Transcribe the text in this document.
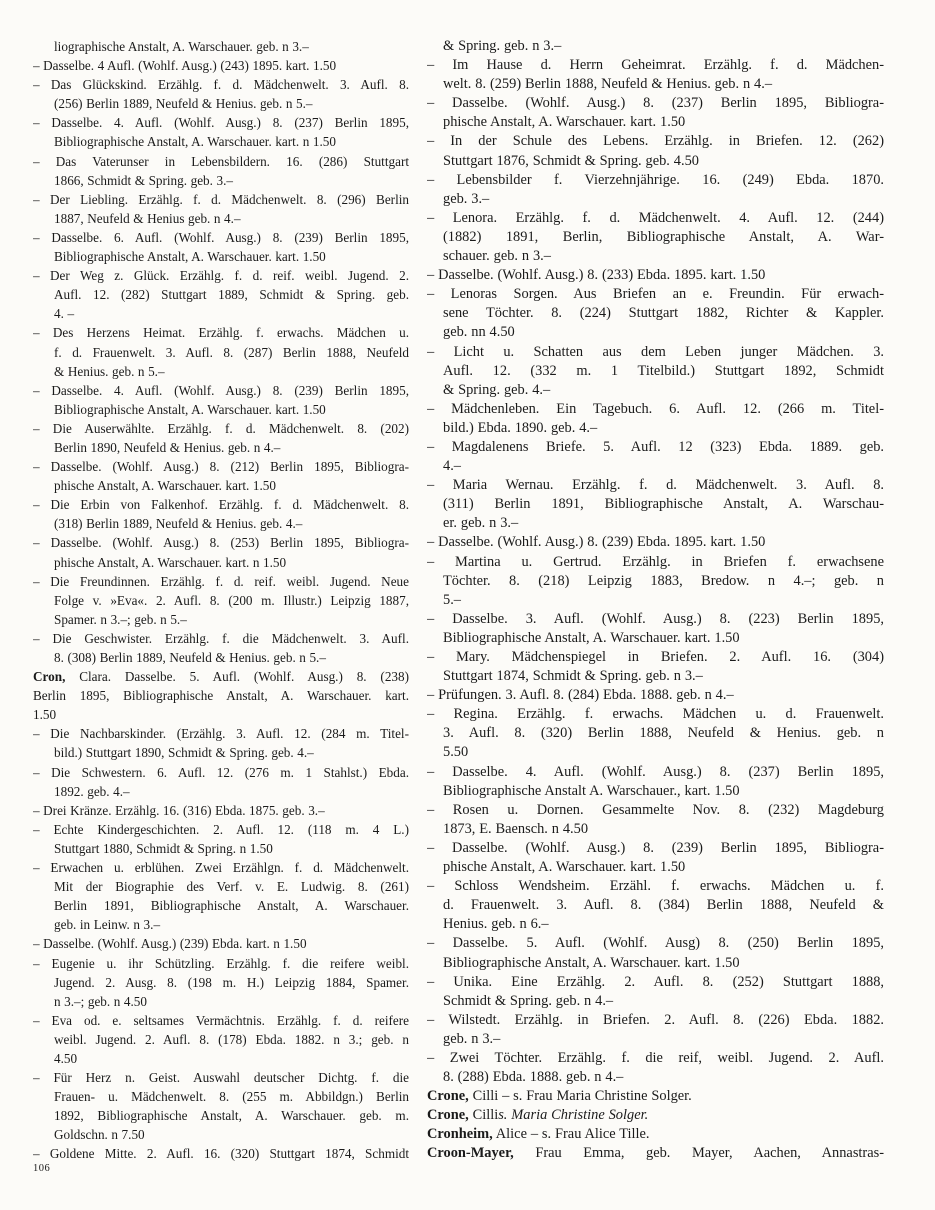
liographische Anstalt, A. Warschauer. geb. n 3.–
– Dasselbe. 4 Aufl. (Wohlf. Ausg.) (243) 1895. kart. 1.50
– Das Glückskind. Erzählg. f. d. Mädchenwelt. 3. Aufl. 8.
(256) Berlin 1889, Neufeld & Henius. geb. n 5.–
– Dasselbe. 4. Aufl. (Wohlf. Ausg.) 8. (237) Berlin 1895,
Bibliographische Anstalt, A. Warschauer. kart. n 1.50
– Das Vaterunser in Lebensbildern. 16. (286) Stuttgart
1866, Schmidt & Spring. geb. 3.–
– Der Liebling. Erzählg. f. d. Mädchenwelt. 8. (296) Berlin
1887, Neufeld & Henius geb. n 4.–
– Dasselbe. 6. Aufl. (Wohlf. Ausg.) 8. (239) Berlin 1895,
Bibliographische Anstalt, A. Warschauer. kart. 1.50
– Der Weg z. Glück. Erzählg. f. d. reif. weibl. Jugend. 2.
Aufl. 12. (282) Stuttgart 1889, Schmidt & Spring. geb.
4. –
– Des Herzens Heimat. Erzählg. f. erwachs. Mädchen u.
f. d. Frauenwelt. 3. Aufl. 8. (287) Berlin 1888, Neufeld
& Henius. geb. n 5.–
– Dasselbe. 4. Aufl. (Wohlf. Ausg.) 8. (239) Berlin 1895,
Bibliographische Anstalt, A. Warschauer. kart. 1.50
– Die Auserwählte. Erzählg. f. d. Mädchenwelt. 8. (202)
Berlin 1890, Neufeld & Henius. geb. n 4.–
– Dasselbe. (Wohlf. Ausg.) 8. (212) Berlin 1895, Bibliogra-
phische Anstalt, A. Warschauer. kart. 1.50
– Die Erbin von Falkenhof. Erzählg. f. d. Mädchenwelt. 8.
(318) Berlin 1889, Neufeld & Henius. geb. 4.–
– Dasselbe. (Wohlf. Ausg.) 8. (253) Berlin 1895, Bibliogra-
phische Anstalt, A. Warschauer. kart. n 1.50
– Die Freundinnen. Erzählg. f. d. reif. weibl. Jugend. Neue
Folge v. »Eva«. 2. Aufl. 8. (200 m. Illustr.) Leipzig 1887,
Spamer. n 3.–; geb. n 5.–
– Die Geschwister. Erzählg. f. die Mädchenwelt. 3. Aufl.
8. (308) Berlin 1889, Neufeld & Henius. geb. n 5.–
Cron, Clara. Dasselbe. 5. Aufl. (Wohlf. Ausg.) 8. (238)
Berlin 1895, Bibliographische Anstalt, A. Warschauer. kart.
1.50
– Die Nachbarskinder. (Erzählg. 3. Aufl. 12. (284 m. Titel-
bild.) Stuttgart 1890, Schmidt & Spring. geb. 4.–
– Die Schwestern. 6. Aufl. 12. (276 m. 1 Stahlst.) Ebda.
1892. geb. 4.–
– Drei Kränze. Erzählg. 16. (316) Ebda. 1875. geb. 3.–
– Echte Kindergeschichten. 2. Aufl. 12. (118 m. 4 L.)
Stuttgart 1880, Schmidt & Spring. n 1.50
– Erwachen u. erblühen. Zwei Erzählgn. f. d. Mädchenwelt.
Mit der Biographie des Verf. v. E. Ludwig. 8. (261)
Berlin 1891, Bibliographische Anstalt, A. Warschauer.
geb. in Leinw. n 3.–
– Dasselbe. (Wohlf. Ausg.) (239) Ebda. kart. n 1.50
– Eugenie u. ihr Schützling. Erzählg. f. die reifere weibl.
Jugend. 2. Ausg. 8. (198 m. H.) Leipzig 1884, Spamer.
n 3.–; geb. n 4.50
– Eva od. e. seltsames Vermächtnis. Erzählg. f. d. reifere
weibl. Jugend. 2. Aufl. 8. (178) Ebda. 1882. n 3.; geb. n
4.50
– Für Herz n. Geist. Auswahl deutscher Dichtg. f. die
Frauen- u. Mädchenwelt. 8. (255 m. Abbildgn.) Berlin
1892, Bibliographische Anstalt, A. Warschauer. geb. m.
Goldschn. n 7.50
– Goldene Mitte. 2. Aufl. 16. (320) Stuttgart 1874, Schmidt
& Spring. geb. n 3.–
– Im Hause d. Herrn Geheimrat. Erzählg. f. d. Mädchen-
welt. 8. (259) Berlin 1888, Neufeld & Henius. geb. n 4.–
– Dasselbe. (Wohlf. Ausg.) 8. (237) Berlin 1895, Bibliogra-
phische Anstalt, A. Warschauer. kart. 1.50
– In der Schule des Lebens. Erzählg. in Briefen. 12. (262)
Stuttgart 1876, Schmidt & Spring. geb. 4.50
– Lebensbilder f. Vierzehnjährige. 16. (249) Ebda. 1870.
geb. 3.–
– Lenora. Erzählg. f. d. Mädchenwelt. 4. Aufl. 12. (244)
(1882) 1891, Berlin, Bibliographische Anstalt, A. War-
schauer. geb. n 3.–
– Dasselbe. (Wohlf. Ausg.) 8. (233) Ebda. 1895. kart. 1.50
– Lenoras Sorgen. Aus Briefen an e. Freundin. Für erwach-
sene Töchter. 8. (224) Stuttgart 1882, Richter & Kappler.
geb. nn 4.50
– Licht u. Schatten aus dem Leben junger Mädchen. 3.
Aufl. 12. (332 m. 1 Titelbild.) Stuttgart 1892, Schmidt
& Spring. geb. 4.–
– Mädchenleben. Ein Tagebuch. 6. Aufl. 12. (266 m. Titel-
bild.) Ebda. 1890. geb. 4.–
– Magdalenens Briefe. 5. Aufl. 12 (323) Ebda. 1889. geb.
4.–
– Maria Wernau. Erzählg. f. d. Mädchenwelt. 3. Aufl. 8.
(311) Berlin 1891, Bibliographische Anstalt, A. Warschau-
er. geb. n 3.–
– Dasselbe. (Wohlf. Ausg.) 8. (239) Ebda. 1895. kart. 1.50
– Martina u. Gertrud. Erzählg. in Briefen f. erwachsene
Töchter. 8. (218) Leipzig 1883, Bredow. n 4.–; geb. n
5.–
– Dasselbe. 3. Aufl. (Wohlf. Ausg.) 8. (223) Berlin 1895,
Bibliographische Anstalt, A. Warschauer. kart. 1.50
– Mary. Mädchenspiegel in Briefen. 2. Aufl. 16. (304)
Stuttgart 1874, Schmidt & Spring. geb. n 3.–
– Prüfungen. 3. Aufl. 8. (284) Ebda. 1888. geb. n 4.–
– Regina. Erzählg. f. erwachs. Mädchen u. d. Frauenwelt.
3. Aufl. 8. (320) Berlin 1888, Neufeld & Henius. geb. n
5.50
– Dasselbe. 4. Aufl. (Wohlf. Ausg.) 8. (237) Berlin 1895,
Bibliographische Anstalt A. Warschauer., kart. 1.50
– Rosen u. Dornen. Gesammelte Nov. 8. (232) Magdeburg
1873, E. Baensch. n 4.50
– Dasselbe. (Wohlf. Ausg.) 8. (239) Berlin 1895, Bibliogra-
phische Anstalt, A. Warschauer. kart. 1.50
– Schloss Wendsheim. Erzähl. f. erwachs. Mädchen u. f.
d. Frauenwelt. 3. Aufl. 8. (384) Berlin 1888, Neufeld &
Henius. geb. n 6.–
– Dasselbe. 5. Aufl. (Wohlf. Ausg) 8. (250) Berlin 1895,
Bibliographische Anstalt, A. Warschauer. kart. 1.50
– Unika. Eine Erzählg. 2. Aufl. 8. (252) Stuttgart 1888,
Schmidt & Spring. geb. n 4.–
– Wilstedt. Erzählg. in Briefen. 2. Aufl. 8. (226) Ebda. 1882.
geb. n 3.–
– Zwei Töchter. Erzählg. f. die reif, weibl. Jugend. 2. Aufl.
8. (288) Ebda. 1888. geb. n 4.–
Crone, Cilli – s. Frau Maria Christine Solger.
Crone, Cillis. Maria Christine Solger.
Cronheim, Alice – s. Frau Alice Tille.
Croon-Mayer, Frau Emma, geb. Mayer, Aachen, Annastras-
106
